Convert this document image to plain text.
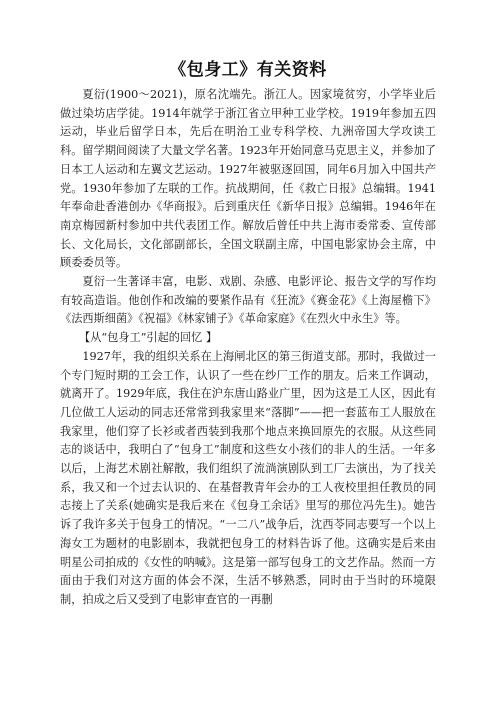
《包身工》有关资料

夏衍(1900～2021)，原名沈端先。浙江人。因家境贫穷，小学毕业后做过染坊店学徒。1914年就学于浙江省立甲种工业学校。1919年参加五四运动，毕业后留学日本，先后在明治工业专科学校、九洲帝国大学攻读工科。留学期间阅读了大量文学名著。1923年开始同意马克思主义，并参加了日本工人运动和左翼文艺运动。1927年被驱逐回国，同年6月加入中国共产党。1930年参加了左联的工作。抗战期间，任《救亡日报》总编辑。1941年奉命赴香港创办《华商报》。后到重庆任《新华日报》总编辑。1946年在南京梅园新村参加中共代表团工作。解放后曾任中共上海市委常委、宣传部长、文化局长，文化部副部长，全国文联副主席，中国电影家协会主席，中顾委委员等。

夏衍一生著译丰富，电影、戏剧、杂感、电影评论、报告文学的写作均有较高造诣。他创作和改编的要紧作品有《狂流》《赛金花》《上海屋檐下》《法西斯细菌》《祝福》《林家铺子》《革命家庭》《在烈火中永生》等。

【从“包身工”引起的回忆 】

1927年，我的组织关系在上海闸北区的第三街道支部。那时，我做过一个专门短时期的工会工作，认识了一些在纱厂工作的朋友。后来工作调动，就离开了。1929年底，我住在沪东唐山路业广里，因为这是工人区，因此有几位做工人运动的同志还常常到我家里来“落脚”——把一套蓝布工人服放在我家里，他们穿了长衫或者西装到我那个地点来换回原先的衣服。从这些同志的谈话中，我明白了“包身工”制度和这些女小孩们的非人的生活。一年多以后，上海艺术剧社解散，我们组织了流淌演剧队到工厂去演出，为了找关系，我又和一个过去认识的、在基督教青年会办的工人夜校里担任教员的同志接上了关系(她确实是我后来在《包身工余话》里写的那位冯先生)。她告诉了我许多关于包身工的情况。“一二八”战争后，沈西苓同志要写一个以上海女工为题材的电影剧本，我就把包身工的材料告诉了他。这确实是后来由明星公司拍成的《女性的呐喊》。这是第一部写包身工的文艺作品。然而一方面由于我们对这方面的体会不深，生活不够熟悉，同时由于当时的环境限制，拍成之后又受到了电影审查官的一再删
